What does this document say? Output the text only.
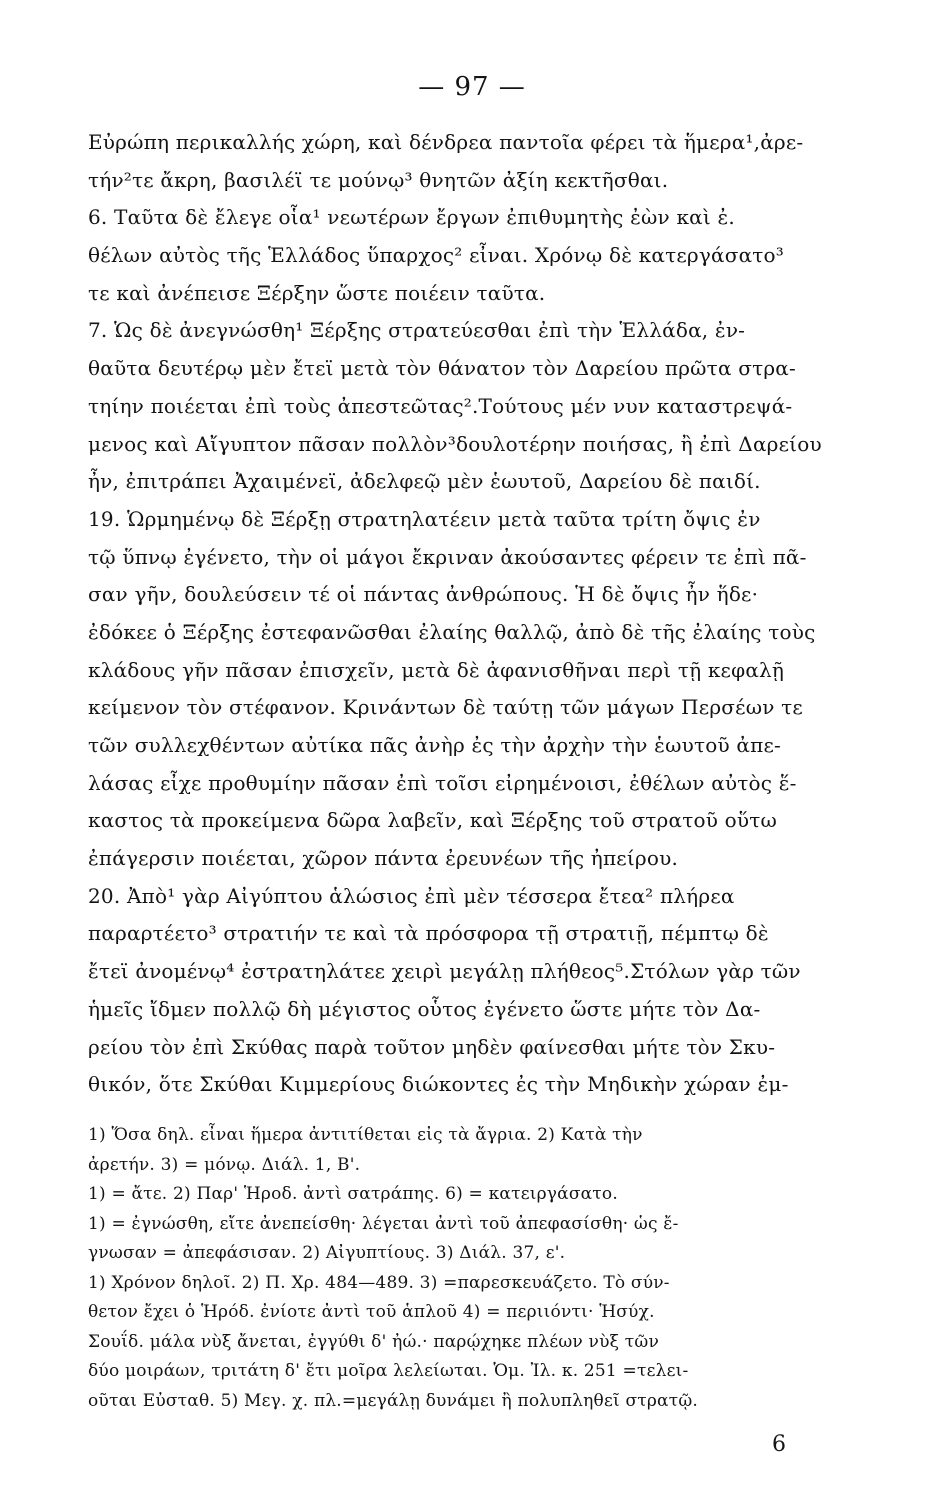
— 97 —
Εὐρώπη περικαλλής χώρη, καὶ δένδρεα παντοῖα φέρει τὰ ἥμερα¹,ἀρε-
τήν²τε ἄκρη, βασιλέϊ τε μούνῳ³ θνητῶν ἀξίη κεκτῆσθαι.
6. Ταῦτα δὲ ἔλεγε οἷα¹ νεωτέρων ἔργων ἐπιθυμητὴς ἐὼν καὶ ἐ.
θέλων αὐτὸς τῆς Ἑλλάδος ὕπαρχος² εἶναι. Χρόνῳ δὲ κατεργάσατο³
τε καὶ ἀνέπεισε Ξέρξην ὥστε ποιέειν ταῦτα.
7. Ὡς δὲ ἀνεγνώσθη¹ Ξέρξης στρατεύεσθαι ἐπὶ τὴν Ἑλλάδα, ἐν-
θαῦτα δευτέρῳ μὲν ἔτεϊ μετὰ τὸν θάνατον τὸν Δαρείου πρῶτα στρα-
τηίην ποιέεται ἐπὶ τοὺς ἀπεστεῶτας².Τούτους μέν νυν καταστρεψά-
μενος καὶ Αἴγυπτον πᾶσαν πολλὸν³δουλοτέρην ποιήσας, ἢ ἐπὶ Δαρείου
ἦν, ἐπιτράπει Ἀχαιμένεϊ, ἀδελφεῷ μὲν ἑωυτοῦ, Δαρείου δὲ παιδί.
19. Ὡρμημένῳ δὲ Ξέρξῃ στρατηλατέειν μετὰ ταῦτα τρίτη ὄψις ἐν
τῷ ὕπνῳ ἐγένετο, τὴν οἱ μάγοι ἔκριναν ἀκούσαντες φέρειν τε ἐπὶ πᾶ-
σαν γῆν, δουλεύσειν τέ οἱ πάντας ἀνθρώπους. Ἡ δὲ ὄψις ἦν ἥδε·
ἐδόκεε ὁ Ξέρξης ἐστεφανῶσθαι ἐλαίης θαλλῷ, ἀπὸ δὲ τῆς ἐλαίης τοὺς
κλάδους γῆν πᾶσαν ἐπισχεῖν, μετὰ δὲ ἀφανισθῆναι περὶ τῇ κεφαλῇ
κείμενον τὸν στέφανον. Κρινάντων δὲ ταύτῃ τῶν μάγων Περσέων τε
τῶν συλλεχθέντων αὐτίκα πᾶς ἀνὴρ ἐς τὴν ἀρχὴν τὴν ἑωυτοῦ ἀπε-
λάσας εἶχε προθυμίην πᾶσαν ἐπὶ τοῖσι εἰρημένοισι, ἐθέλων αὐτὸς ἕ-
καστος τὰ προκείμενα δῶρα λαβεῖν, καὶ Ξέρξης τοῦ στρατοῦ οὕτω
ἐπάγερσιν ποιέεται, χῶρον πάντα ἐρευνέων τῆς ἠπείρου.
20. Ἀπὸ¹ γὰρ Αἰγύπτου ἁλώσιος ἐπὶ μὲν τέσσερα ἔτεα² πλήρεα
παραρτέετο³ στρατιήν τε καὶ τὰ πρόσφορα τῇ στρατιῇ, πέμπτῳ δὲ
ἔτεϊ ἀνομένῳ⁴ ἐστρατηλάτεε χειρὶ μεγάλῃ πλήθεος⁵.Στόλων γὰρ τῶν
ἡμεῖς ἴδμεν πολλῷ δὴ μέγιστος οὗτος ἐγένετο ὥστε μήτε τὸν Δα-
ρείου τὸν ἐπὶ Σκύθας παρὰ τοῦτον μηδὲν φαίνεσθαι μήτε τὸν Σκυ-
θικόν, ὅτε Σκύθαι Κιμμερίους διώκοντες ἐς τὴν Μηδικὴν χώραν ἐμ-
1) Ὅσα δηλ. εἶναι ἥμερα ἀντιτίθεται εἰς τὰ ἄγρια. 2) Κατὰ τὴν
ἀρετήν. 3) = μόνῳ. Διάλ. 1, Β'.
1) = ἄτε. 2) Παρ' Ἡροδ. ἀντὶ σατράπης. 6) = κατειργάσατο.
1) = ἐγνώσθη, εἴτε ἀνεπείσθη· λέγεται ἀντὶ τοῦ ἀπεφασίσθη· ὡς ἔ-
γνωσαν = ἀπεφάσισαν. 2) Αἰγυπτίους. 3) Διάλ. 37, ε'.
1) Χρόνον δηλοῖ. 2) Π. Χρ. 484—489. 3) =παρεσκευάζετο. Τὸ σύν-
θετον ἔχει ὁ Ἡρόδ. ἐνίοτε ἀντὶ τοῦ ἁπλοῦ 4) = περιιόντι· Ἡσύχ.
Σουΐδ. μάλα νὺξ ἄνεται, ἐγγύθι δ' ἠώ.· παρῴχηκε πλέων νὺξ τῶν
δύο μοιράων, τριτάτη δ' ἔτι μοῖρα λελείωται. Ὁμ. Ἰλ. κ. 251 =τελει-
οῦται Εὐσταθ. 5) Μεγ. χ. πλ.=μεγάλῃ δυνάμει ἢ πολυπληθεῖ στρατῷ.
6
